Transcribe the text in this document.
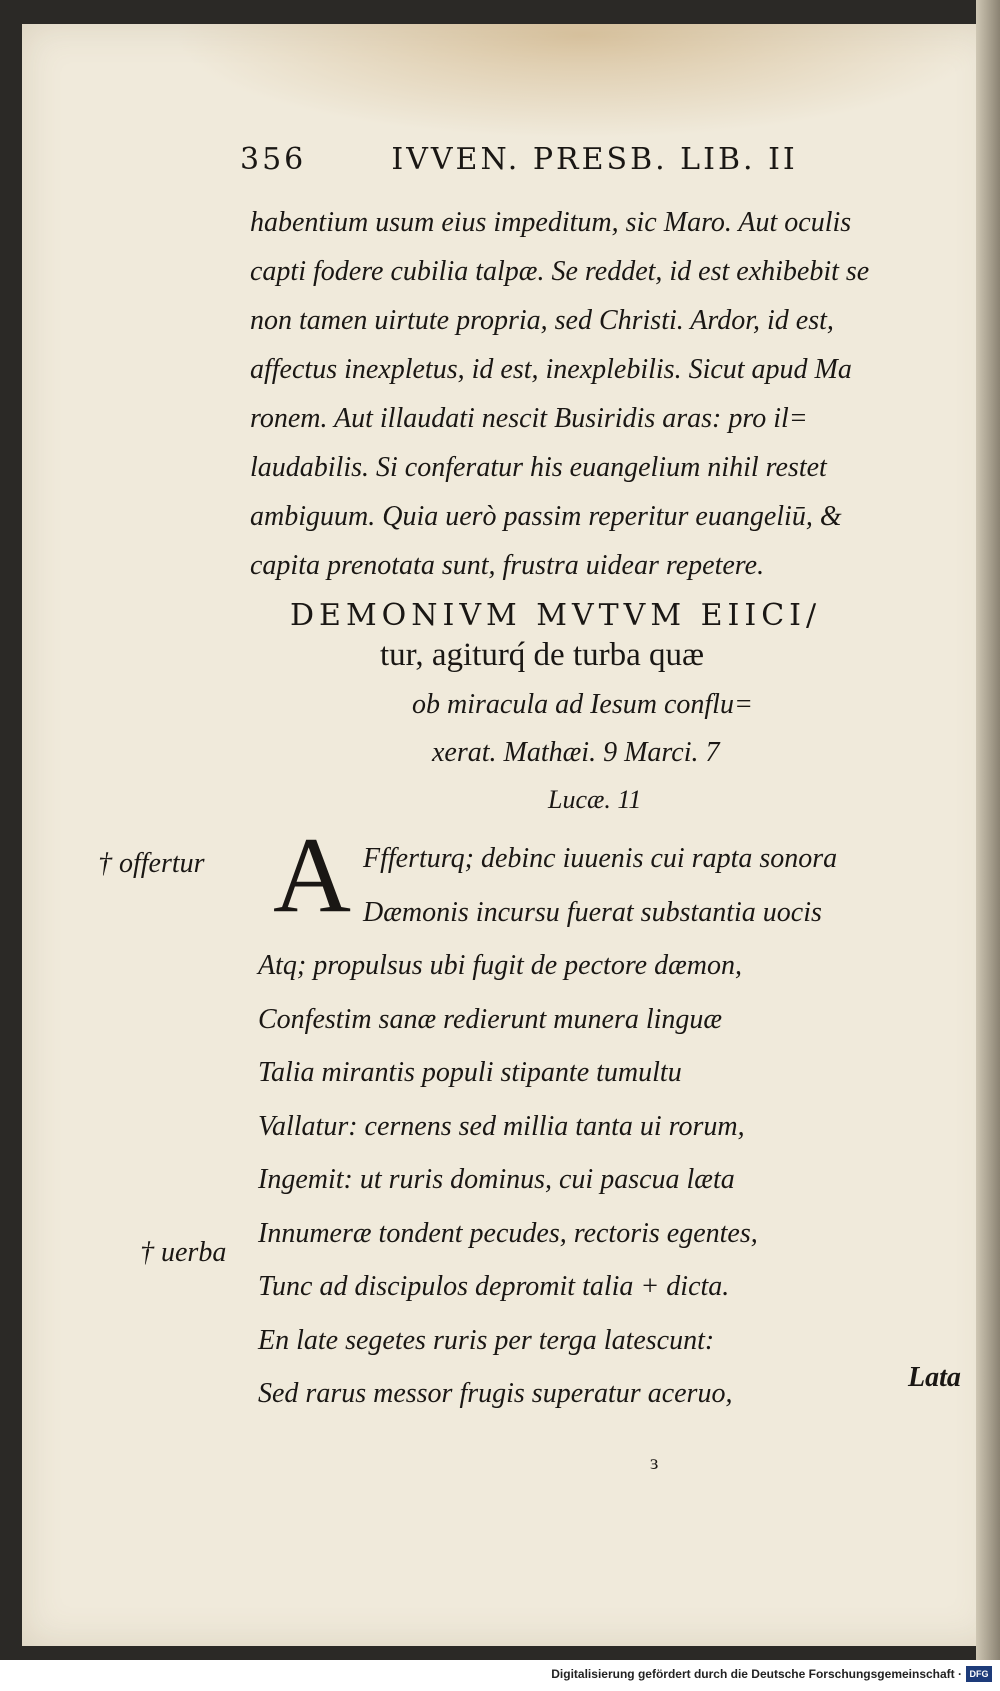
356	IVVEN. PRESB. LIB. II
habentium usum eius impeditum, sic Maro. Aut oculis
capti fodere cubilia talpæ. Se reddet, id est exhibebit se
non tamen uirtute propria, sed Christi. Ardor, id est,
affectus inexpletus, id est, inexplebilis. Sicut apud Ma
ronem. Aut illaudati nescit Busiridis aras: pro il=
laudabilis. Si conferatur his euangelium nihil restet
ambiguum. Quia uerò passim reperitur euangeliū, &
capita prenotata sunt, frustra uidear repetere.
DEMONIVM MVTVM EIICI/
tur, agiturq́ de turba quæ
ob miracula ad Iesum conflu=
xerat. Mathæi. 9 Marci. 7
Lucæ. 11
A Ffferturq; debinc iuuenis cui rapta sonora
Dæmonis incursu fuerat substantia uocis
Atq; propulsus ubi fugit de pectore dæmon,
Confestim sanæ redierunt munera linguæ
Talia mirantis populi stipante tumultu
Vallatur: cernens sed millia tanta ui rorum,
Ingemit: ut ruris dominus, cui pascua læta
Innumeræ tondent pecudes, rectoris egentes,
Tunc ad discipulos depromit talia + dicta.
En late segetes ruris per terga latescunt:
Sed rarus messor frugis superatur aceruo,
† offertur
† uerba
Lata
ɜ
Digitalisierung gefördert durch die Deutsche Forschungsgemeinschaft · DFG
